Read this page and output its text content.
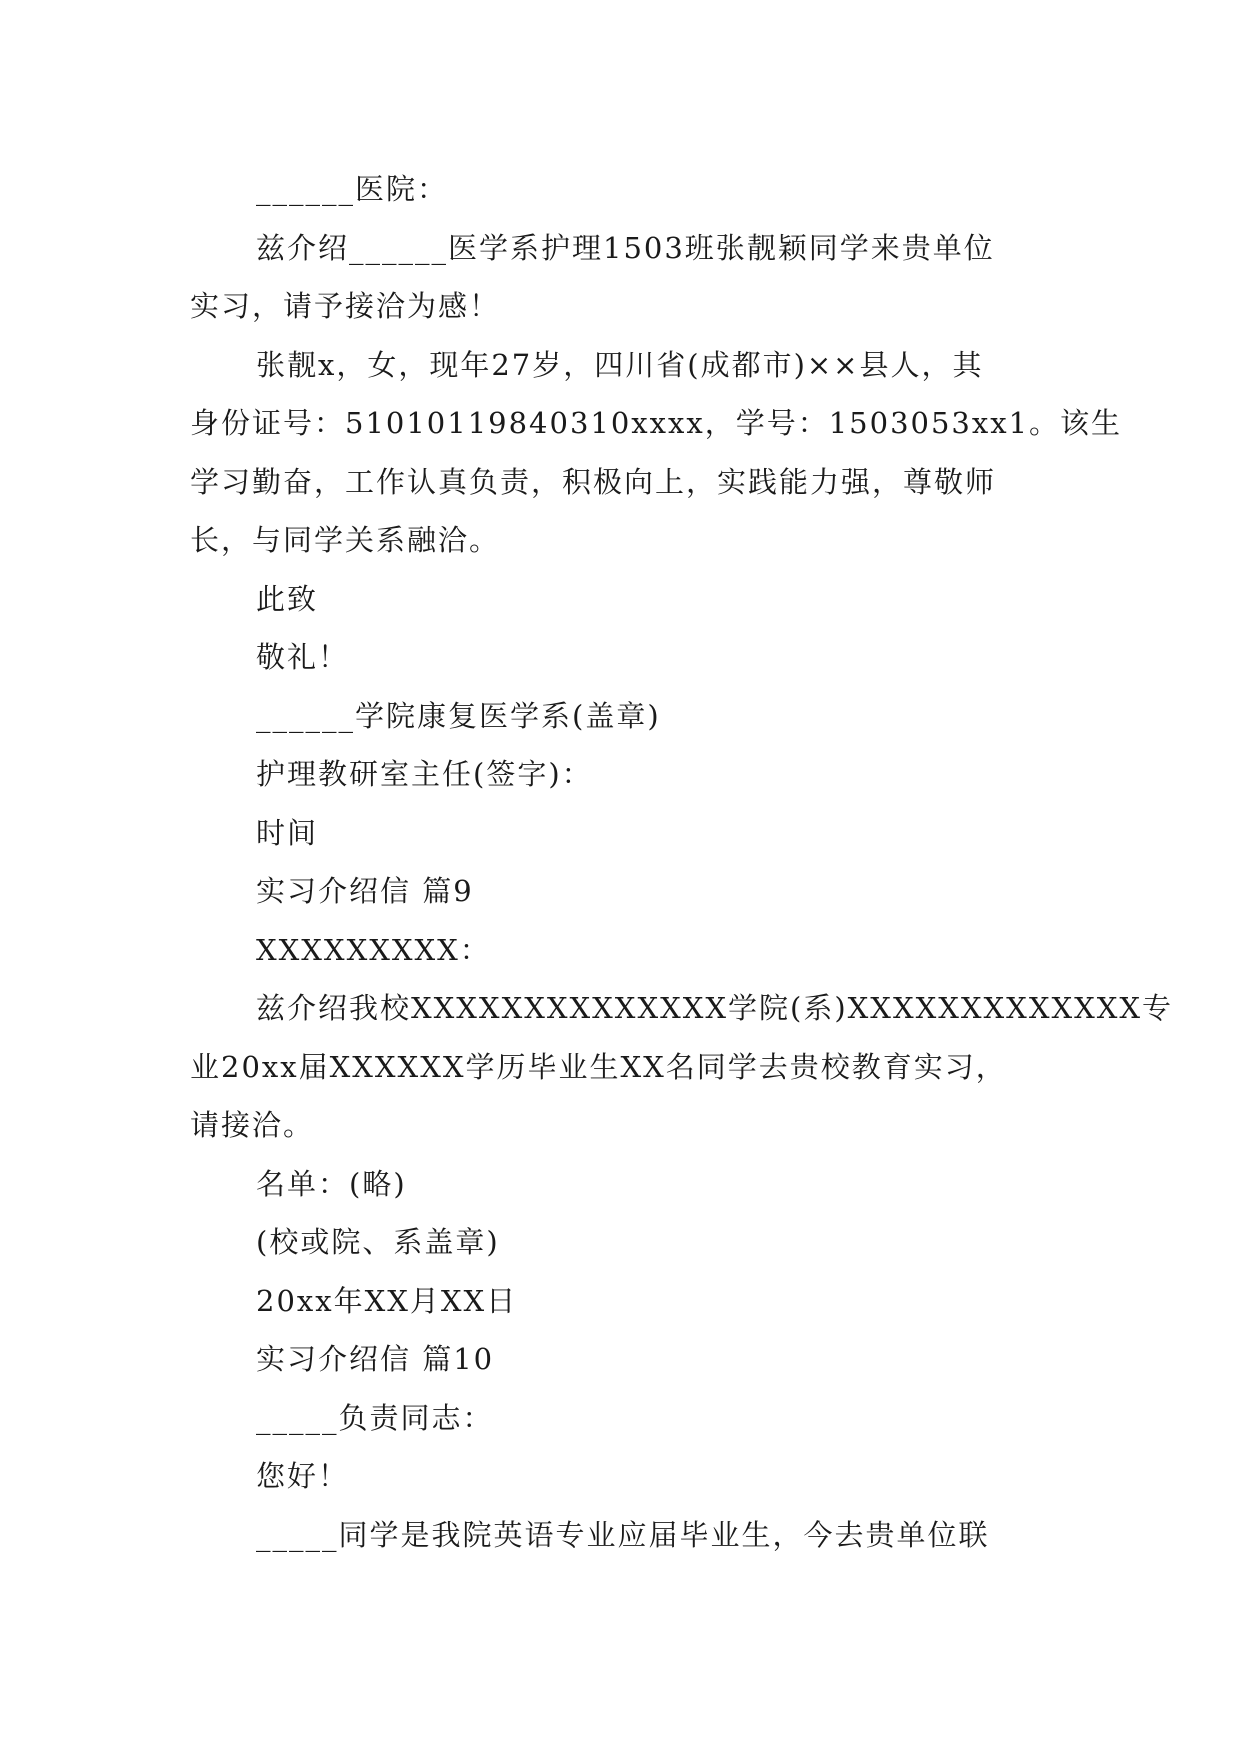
______医院：
兹介绍______医学系护理1503班张靓颖同学来贵单位
实习，请予接洽为感！
张靓x，女，现年27岁，四川省(成都市)××县人，其
身份证号：51010119840310xxxx，学号：1503053xx1。该生
学习勤奋，工作认真负责，积极向上，实践能力强，尊敬师
长，与同学关系融洽。
此致
敬礼！
______学院康复医学系(盖章)
护理教研室主任(签字)：
时间
实习介绍信 篇9
XXXXXXXXX：
兹介绍我校XXXXXXXXXXXXXX学院(系)XXXXXXXXXXXXX专
业20xx届XXXXXX学历毕业生XX名同学去贵校教育实习，
请接洽。
名单：(略)
(校或院、系盖章)
20xx年XX月XX日
实习介绍信 篇10
_____负责同志：
您好！
_____同学是我院英语专业应届毕业生，今去贵单位联
